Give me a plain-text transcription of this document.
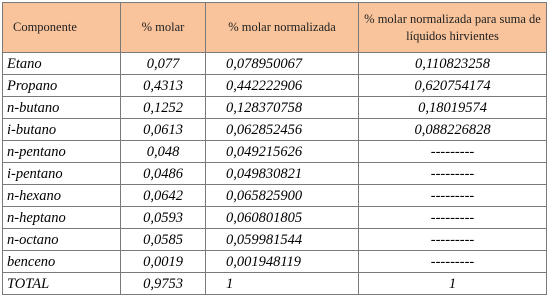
Componente	% molar	% molar normalizada	% molar normalizada para suma de líquidos hirvientes
Etano	0,077	0,078950067	0,110823258
Propano	0,4313	0,442222906	0,620754174
n-butano	0,1252	0,128370758	0,18019574
i-butano	0,0613	0,062852456	0,088226828
n-pentano	0,048	0,049215626	---------
i-pentano	0,0486	0,049830821	---------
n-hexano	0,0642	0,065825900	---------
n-heptano	0,0593	0,060801805	---------
n-octano	0,0585	0,059981544	---------
benceno	0,0019	0,001948119	---------
TOTAL	0,9753	1	1
